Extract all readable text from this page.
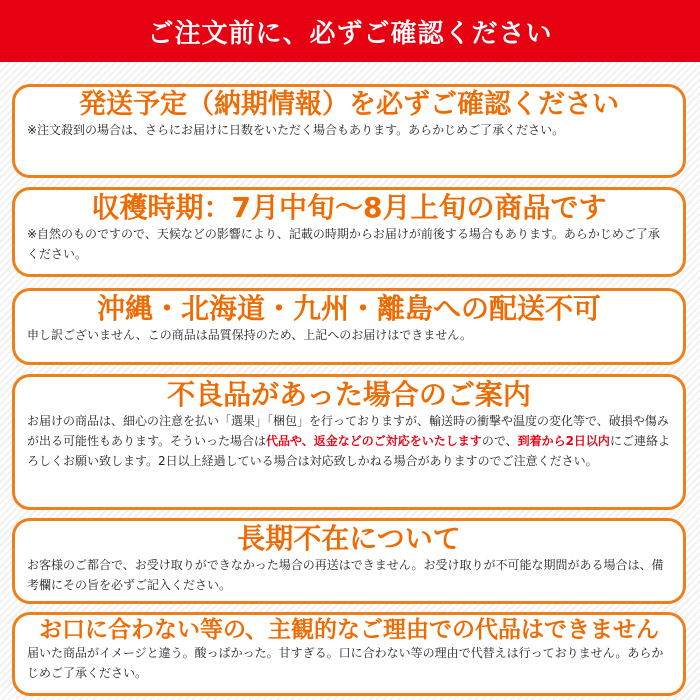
ご注文前に、必ずご確認ください
発送予定（納期情報）を必ずご確認ください
※注文殺到の場合は、さらにお届けに日数をいただく場合もあります。あらかじめご了承ください。
収穫時期：7月中旬〜8月上旬の商品です
※自然のものですので、天候などの影響により、記載の時期からお届けが前後する場合もあります。あらかじめご了承ください。
沖縄・北海道・九州・離島への配送不可
申し訳ございません、この商品は品質保持のため、上記へのお届けはできません。
不良品があった場合のご案内
お届けの商品は、細心の注意を払い「選果」「梱包」を行っておりますが、輸送時の衝撃や温度の変化等で、破損や傷みが出る可能性もあります。そういった場合は代品や、返金などのご対応をいたしますので、到着から2日以内にご連絡よろしくお願い致します。2日以上経過している場合は対応致しかねる場合がありますのでご注意ください。
長期不在について
お客様のご都合で、お受け取りができなかった場合の再送はできません。お受け取りが不可能な期間がある場合は、備考欄にその旨を必ずご記入ください。
お口に合わない等の、主観的なご理由での代品はできません
届いた商品がイメージと違う。酸っぱかった。甘すぎる。口に合わない等の理由で代替えは行っておりません。あらかじめご了承ください。
